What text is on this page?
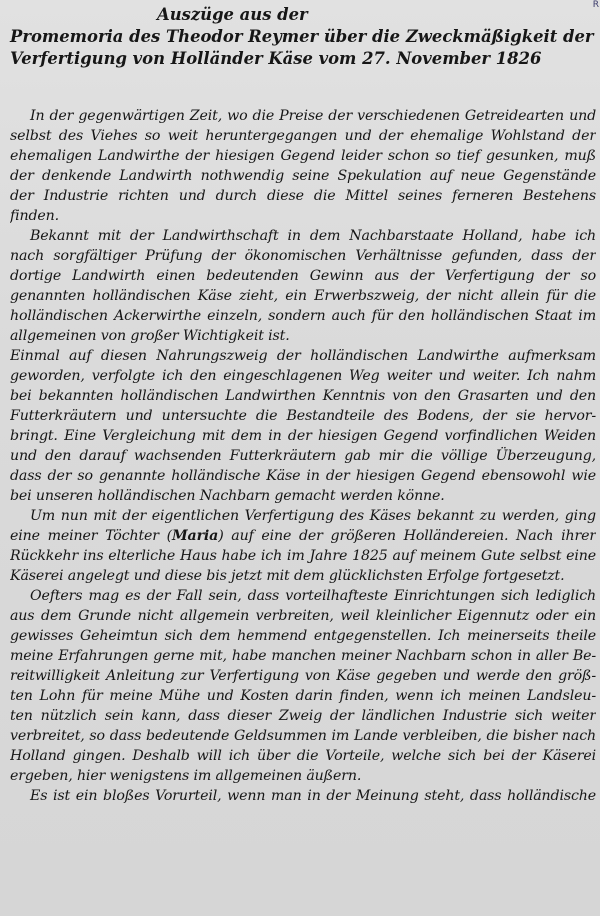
R
Auszüge aus der
Promemoria des Theodor Reymer über die Zweckmäßigkeit der
Verfertigung von Holländer Käse vom 27. November 1826
In der gegenwärtigen Zeit, wo die Preise der verschiedenen Getreidearten und
selbst des Viehes so weit heruntergegangen und der ehemalige Wohlstand der
ehemaligen Landwirthe der hiesigen Gegend leider schon so tief gesunken, muß
der denkende Landwirth nothwendig seine Spekulation auf neue Gegenstände
der Industrie richten und durch diese die Mittel seines ferneren Bestehens
finden.
Bekannt mit der Landwirthschaft in dem Nachbarstaate Holland, habe ich
nach sorgfältiger Prüfung der ökonomischen Verhältnisse gefunden, dass der
dortige Landwirth einen bedeutenden Gewinn aus der Verfertigung der so
genannten holländischen Käse zieht, ein Erwerbszweig, der nicht allein für die
holländischen Ackerwirthe einzeln, sondern auch für den holländischen Staat im
allgemeinen von großer Wichtigkeit ist.
Einmal auf diesen Nahrungszweig der holländischen Landwirthe aufmerksam
geworden, verfolgte ich den eingeschlagenen Weg weiter und weiter. Ich nahm
bei bekannten holländischen Landwirthen Kenntnis von den Grasarten und den
Futterkräutern und untersuchte die Bestandteile des Bodens, der sie hervor-
bringt. Eine Vergleichung mit dem in der hiesigen Gegend vorfindlichen Weiden
und den darauf wachsenden Futterkräutern gab mir die völlige Überzeugung,
dass der so genannte holländische Käse in der hiesigen Gegend ebensowohl wie
bei unseren holländischen Nachbarn gemacht werden könne.
Um nun mit der eigentlichen Verfertigung des Käses bekannt zu werden, ging
eine meiner Töchter (Maria) auf eine der größeren Holländereien. Nach ihrer
Rückkehr ins elterliche Haus habe ich im Jahre 1825 auf meinem Gute selbst eine
Käserei angelegt und diese bis jetzt mit dem glücklichsten Erfolge fortgesetzt.
Oefters mag es der Fall sein, dass vorteilhafteste Einrichtungen sich lediglich
aus dem Grunde nicht allgemein verbreiten, weil kleinlicher Eigennutz oder ein
gewisses Geheimtun sich dem hemmend entgegenstellen. Ich meinerseits theile
meine Erfahrungen gerne mit, habe manchen meiner Nachbarn schon in aller Be-
reitwilligkeit Anleitung zur Verfertigung von Käse gegeben und werde den größ-
ten Lohn für meine Mühe und Kosten darin finden, wenn ich meinen Landsleu-
ten nützlich sein kann, dass dieser Zweig der ländlichen Industrie sich weiter
verbreitet, so dass bedeutende Geldsummen im Lande verbleiben, die bisher nach
Holland gingen. Deshalb will ich über die Vorteile, welche sich bei der Käserei
ergeben, hier wenigstens im allgemeinen äußern.
Es ist ein bloßes Vorurteil, wenn man in der Meinung steht, dass holländische
